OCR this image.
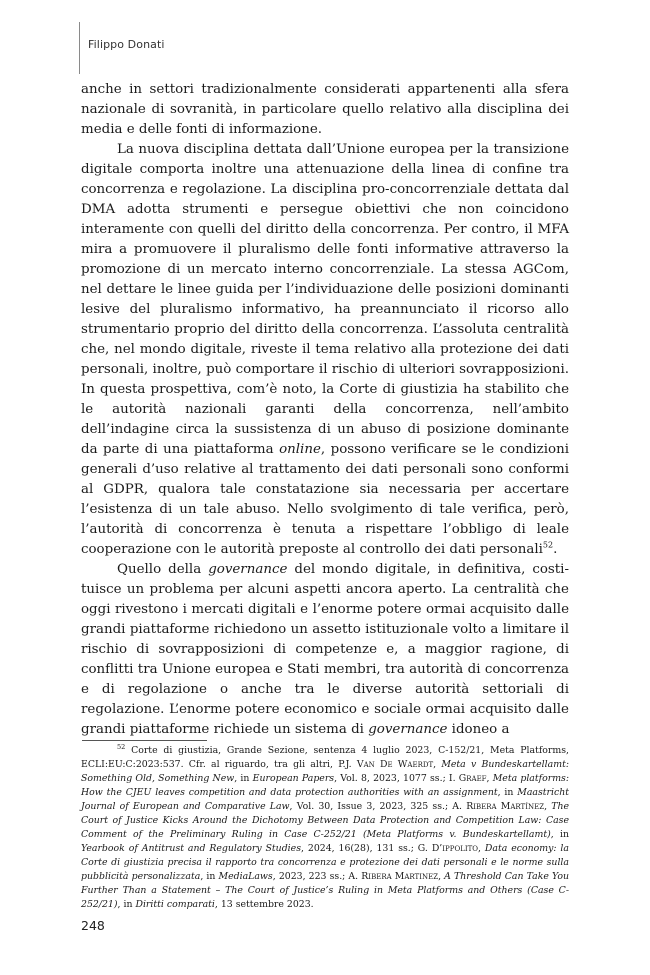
Filippo Donati

anche in settori tradizionalmente considerati appartenenti alla sfera nazionale di sovranità, in particolare quello relativo alla disciplina dei media e delle fonti di informazione.

La nuova disciplina dettata dall’Unione europea per la transizione digitale comporta inoltre una attenuazione della linea di confine tra concorrenza e regolazione. La disciplina pro-concorrenziale dettata dal DMA adotta strumenti e persegue obiettivi che non coincidono interamente con quelli del diritto della concorrenza. Per contro, il MFA mira a promuovere il pluralismo delle fonti informative attraverso la promozione di un mercato interno concorrenziale. La stessa AGCom, nel dettare le linee guida per l’individuazione delle posizioni dominanti lesive del pluralismo informativo, ha preannunciato il ricorso allo strumentario proprio del diritto della concorrenza. L’assoluta centralità che, nel mondo digitale, riveste il tema relativo alla protezione dei dati personali, inoltre, può comportare il rischio di ulteriori sovrapposizioni. In questa prospettiva, com’è noto, la Corte di giustizia ha stabilito che le autorità nazionali garanti della concorrenza, nell’ambito dell’indagine circa la sussistenza di un abuso di posizione dominante da parte di una piattaforma online, possono verificare se le condizioni generali d’uso relative al trattamento dei dati personali sono conformi al GDPR, qualora tale constatazione sia necessaria per accertare l’esistenza di un tale abuso. Nello svolgimento di tale verifica, però, l’autorità di concorrenza è tenuta a rispettare l’obbligo di leale cooperazione con le autorità preposte al controllo dei dati personali$^{52}$.

Quello della governance del mondo digitale, in definitiva, costituisce un problema per alcuni aspetti ancora aperto. La centralità che oggi rivestono i mercati digitali e l’enorme potere ormai acquisito dalle grandi piattaforme richiedono un assetto istituzionale volto a limitare il rischio di sovrapposizioni di competenze e, a maggior ragione, di conflitti tra Unione europea e Stati membri, tra autorità di concorrenza e di regolazione o anche tra le diverse autorità settoriali di regolazione. L’enorme potere economico e sociale ormai acquisito dalle grandi piattaforme richiede un sistema di governance idoneo a

$^{52}$ Corte di giustizia, Grande Sezione, sentenza 4 luglio 2023, C-152/21, Meta Platforms, ECLI:EU:C:2023:537. Cfr. al riguardo, tra gli altri, P.J. Van De Waerdt, Meta v Bundeskartellamt: Something Old, Something New, in European Papers, Vol. 8, 2023, 1077 ss.; I. Graef, Meta platforms: How the CJEU leaves competition and data protection authorities with an assignment, in Maastricht Journal of European and Comparative Law, Vol. 30, Issue 3, 2023, 325 ss.; A. Ribera Martínez, The Court of Justice Kicks Around the Dichotomy Between Data Protection and Competition Law: Case Comment of the Preliminary Ruling in Case C-252/21 (Meta Platforms v. Bundeskartellamt), in Yearbook of Antitrust and Regulatory Studies, 2024, 16(28), 131 ss.; G. D’ippolito, Data economy: la Corte di giustizia precisa il rapporto tra concorrenza e protezione dei dati personali e le norme sulla pubblicità personalizzata, in MediaLaws, 2023, 223 ss.; A. Ribera Martinez, A Threshold Can Take You Further Than a Statement – The Court of Justice’s Ruling in Meta Platforms and Others (Case C-252/21), in Diritti comparati, 13 settembre 2023.

248
